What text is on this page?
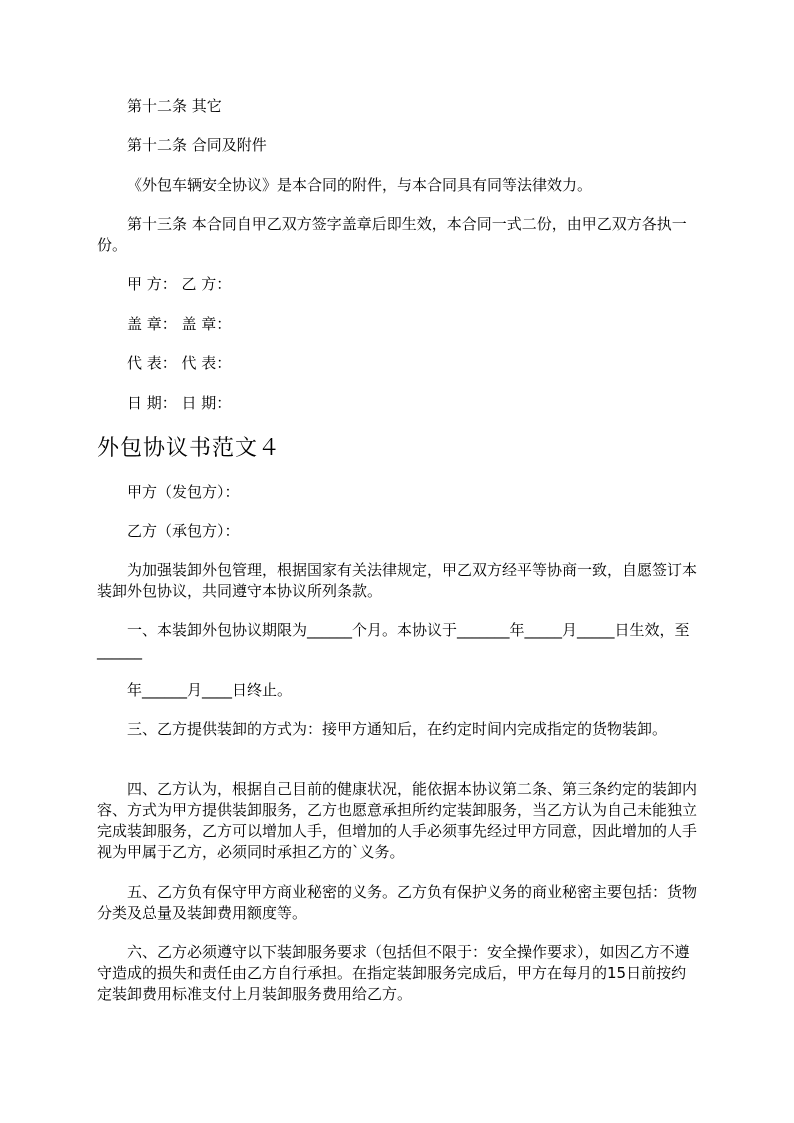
第十二条 其它

第十二条 合同及附件

《外包车辆安全协议》是本合同的附件，与本合同具有同等法律效力。

第十三条 本合同自甲乙双方签字盖章后即生效，本合同一式二份，由甲乙双方各执一份。

甲 方： 乙 方：

盖 章： 盖 章：

代 表： 代 表：

日 期： 日 期：

外包协议书范文４

甲方（发包方）：

乙方（承包方）：

为加强装卸外包管理，根据国家有关法律规定，甲乙双方经平等协商一致，自愿签订本装卸外包协议，共同遵守本协议所列条款。

一、本装卸外包协议期限为______个月。本协议于_______年_____月_____日生效，至______

年______月____日终止。

三、乙方提供装卸的方式为：接甲方通知后，在约定时间内完成指定的货物装卸。

四、乙方认为，根据自己目前的健康状况，能依据本协议第二条、第三条约定的装卸内容、方式为甲方提供装卸服务，乙方也愿意承担所约定装卸服务，当乙方认为自己未能独立完成装卸服务，乙方可以增加人手，但增加的人手必须事先经过甲方同意，因此增加的人手视为甲属于乙方，必须同时承担乙方的`义务。

五、乙方负有保守甲方商业秘密的义务。乙方负有保护义务的商业秘密主要包括：货物分类及总量及装卸费用额度等。

六、乙方必须遵守以下装卸服务要求（包括但不限于：安全操作要求），如因乙方不遵守造成的损失和责任由乙方自行承担。在指定装卸服务完成后，甲方在每月的15日前按约定装卸费用标准支付上月装卸服务费用给乙方。
